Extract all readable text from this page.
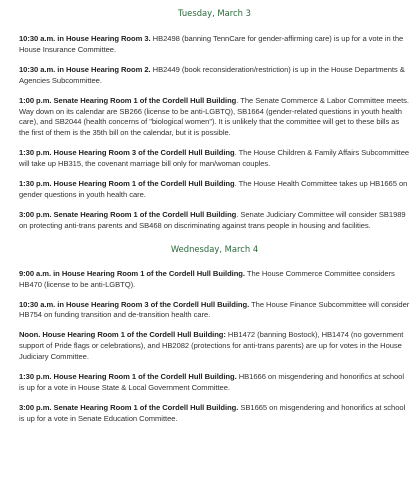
Tuesday, March 3

10:30 a.m. in House Hearing Room 3. HB2498 (banning TennCare for gender-affirming care) is up for a vote in the House Insurance Committee.

10:30 a.m. in House Hearing Room 2. HB2449 (book reconsideration/restriction) is up in the House Departments & Agencies Subcommittee.

1:00 p.m. Senate Hearing Room 1 of the Cordell Hull Building. The Senate Commerce & Labor Committee meets. Way down on its calendar are SB266 (license to be anti-LGBTQ), SB1664 (gender-related questions in youth health care), and SB2044 (health concerns of "biological women"). It is unlikely that the committee will get to these bills as the first of them is the 35th bill on the calendar, but it is possible.

1:30 p.m. House Hearing Room 3 of the Cordell Hull Building. The House Children & Family Affairs Subcommittee will take up HB315, the covenant marriage bill only for man/woman couples.

1:30 p.m. House Hearing Room 1 of the Cordell Hull Building. The House Health Committee takes up HB1665 on gender questions in youth health care.

3:00 p.m. Senate Hearing Room 1 of the Cordell Hull Building. Senate Judiciary Committee will consider SB1989 on protecting anti-trans parents and SB468 on discriminating against trans people in housing and facilities.

Wednesday, March 4

9:00 a.m. in House Hearing Room 1 of the Cordell Hull Building. The House Commerce Committee considers HB470 (license to be anti-LGBTQ).

10:30 a.m. in House Hearing Room 3 of the Cordell Hull Building. The House Finance Subcommittee will consider HB754 on funding transition and de-transition health care.

Noon. House Hearing Room 1 of the Cordell Hull Building: HB1472 (banning Bostock), HB1474 (no government support of Pride flags or celebrations), and HB2082 (protections for anti-trans parents) are up for votes in the House Judiciary Committee.

1:30 p.m. House Hearing Room 1 of the Cordell Hull Building. HB1666 on misgendering and honorifics at school is up for a vote in House State & Local Government Committee.

3:00 p.m. Senate Hearing Room 1 of the Cordell Hull Building. SB1665 on misgendering and honorifics at school is up for a vote in Senate Education Committee.
